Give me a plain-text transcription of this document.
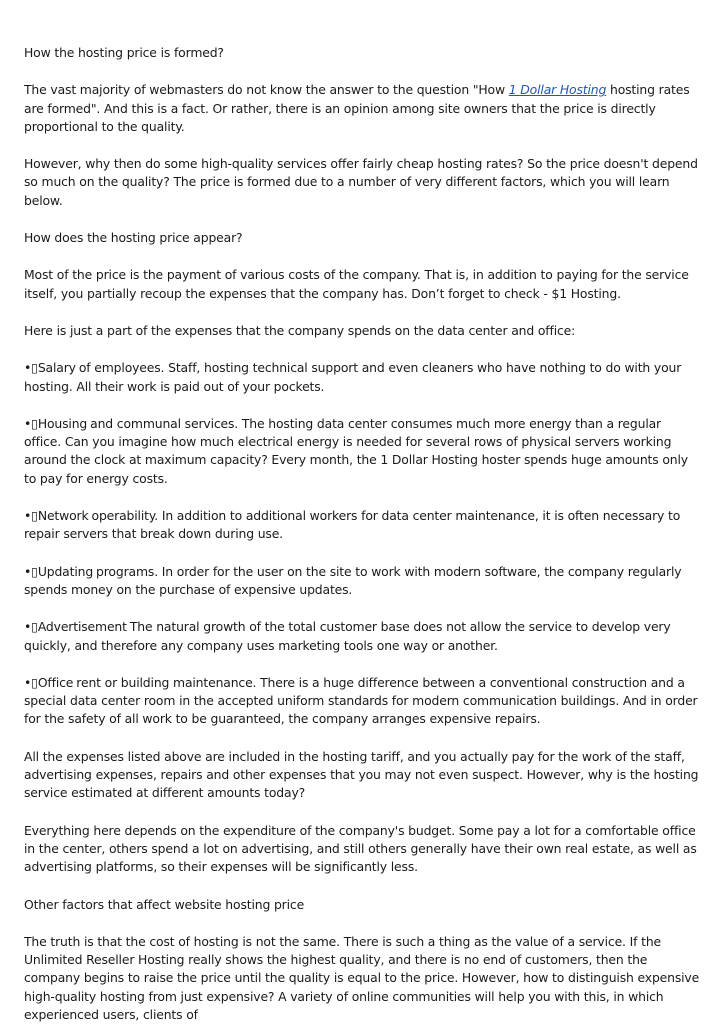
How the hosting price is formed?

The vast majority of webmasters do not know the answer to the question "How 1 Dollar Hosting hosting rates are formed". And this is a fact. Or rather, there is an opinion among site owners that the price is directly proportional to the quality.

However, why then do some high-quality services offer fairly cheap hosting rates? So the price doesn't depend so much on the quality? The price is formed due to a number of very different factors, which you will learn below.

How does the hosting price appear?

Most of the price is the payment of various costs of the company. That is, in addition to paying for the service itself, you partially recoup the expenses that the company has. Don’t forget to check - $1 Hosting.

Here is just a part of the expenses that the company spends on the data center and office:

•▯Salary of employees. Staff, hosting technical support and even cleaners who have nothing to do with your hosting. All their work is paid out of your pockets.

•▯Housing and communal services. The hosting data center consumes much more energy than a regular office. Can you imagine how much electrical energy is needed for several rows of physical servers working around the clock at maximum capacity? Every month, the 1 Dollar Hosting hoster spends huge amounts only to pay for energy costs.

•▯Network operability. In addition to additional workers for data center maintenance, it is often necessary to repair servers that break down during use.

•▯Updating programs. In order for the user on the site to work with modern software, the company regularly spends money on the purchase of expensive updates.

•▯Advertisement The natural growth of the total customer base does not allow the service to develop very quickly, and therefore any company uses marketing tools one way or another.

•▯Office rent or building maintenance. There is a huge difference between a conventional construction and a special data center room in the accepted uniform standards for modern communication buildings. And in order for the safety of all work to be guaranteed, the company arranges expensive repairs.

All the expenses listed above are included in the hosting tariff, and you actually pay for the work of the staff, advertising expenses, repairs and other expenses that you may not even suspect. However, why is the hosting service estimated at different amounts today?

Everything here depends on the expenditure of the company's budget. Some pay a lot for a comfortable office in the center, others spend a lot on advertising, and still others generally have their own real estate, as well as advertising platforms, so their expenses will be significantly less.

Other factors that affect website hosting price

The truth is that the cost of hosting is not the same. There is such a thing as the value of a service. If the Unlimited Reseller Hosting really shows the highest quality, and there is no end of customers, then the company begins to raise the price until the quality is equal to the price. However, how to distinguish expensive high-quality hosting from just expensive? A variety of online communities will help you with this, in which experienced users, clients of
